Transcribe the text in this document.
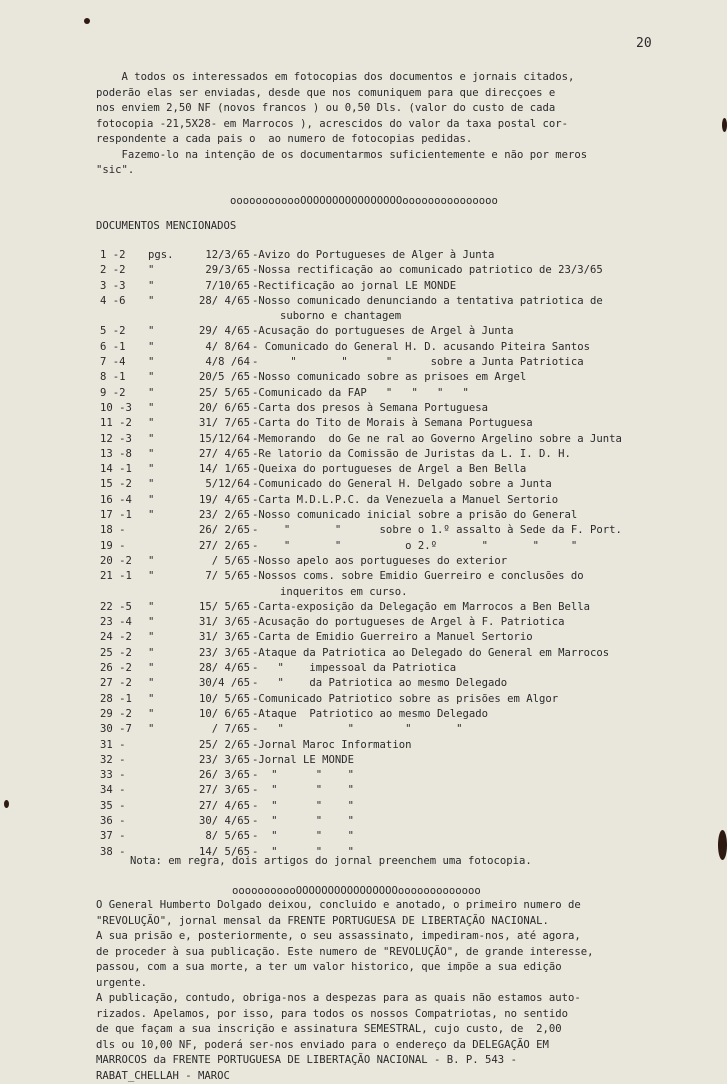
20
A todos os interessados em fotocopias dos documentos e jornais citados,
poderão elas ser enviadas, desde que nos comuniquem para que direcçoes e
nos enviem 2,50 NF (novos francos ) ou 0,50 Dls. (valor do custo de cada
fotocopia -21,5X28- em Marrocos ), acrescidos do valor da taxa postal cor-
respondente a cada pais o  ao numero de fotocopias pedidas.
Fazemo-lo na intenção de os documentarmos suficientemente e não por meros
"sic".
oooooooooooOOOOOOOOOOOOOOOOooooooooooooooo
DOCUMENTOS MENCIONADOS
1 -2	pgs.	12/3/65 -Avizo do Portugueses de Alger à Junta
2 -2	"	29/3/65 -Nossa rectificação ao comunicado patriotico de 23/3/65
3 -3	"	7/10/65 -Rectificação ao jornal LE MONDE
4 -6	"	28/ 4/65 -Nosso comunicado denunciando a tentativa patriotica de
suborno e chantagem
5 -2	"	29/ 4/65 -Acusação do portugueses de Argel à Junta
6 -1	"	4/ 8/64 - Comunicado do General H. D. acusando Piteira Santos
7 -4	"	4/8 /64 -     "       "      "      sobre a Junta Patriotica
8 -1	"	20/5 /65 -Nosso comunicado sobre as prisoes em Argel
9 -2	"	25/ 5/65 -Comunicado da FAP   "   "   "   "
10 -3	"	20/ 6/65 -Carta dos presos à Semana Portuguesa
11 -2	"	31/ 7/65 -Carta do Tito de Morais à Semana Portuguesa
12 -3	"	15/12/64 -Memorando  do Ge ne ral ao Governo Argelino sobre a Junta
13 -8	"	27/ 4/65 -Re latorio da Comissão de Juristas da L. I. D. H.
14 -1	"	14/ 1/65 -Queixa do portugueses de Argel a Ben Bella
15 -2	"	5/12/64 -Comunicado do General H. Delgado sobre a Junta
16 -4	"	19/ 4/65 -Carta M.D.L.P.C. da Venezuela a Manuel Sertorio
17 -1	"	23/ 2/65 -Nosso comunicado inicial sobre a prisão do General
18 -	26/ 2/65 -    "       "      sobre o 1.º assalto à Sede da F. Port.
19 -	27/ 2/65 -    "       "          o 2.º       "       "     "
20 -2	"	/ 5/65 -Nosso apelo aos portugueses do exterior
21 -1	"	7/ 5/65 -Nossos coms. sobre Emidio Guerreiro e conclusões do
inqueritos em curso.
22 -5	"	15/ 5/65 -Carta-exposição da Delegação em Marrocos a Ben Bella
23 -4	"	31/ 3/65 -Acusação do portugueses de Argel à F. Patriotica
24 -2	"	31/ 3/65 -Carta de Emidio Guerreiro a Manuel Sertorio
25 -2	"	23/ 3/65 -Ataque da Patriotica ao Delegado do General em Marrocos
26 -2	"	28/ 4/65 -   "    impessoal da Patriotica
27 -2	"	30/4 /65 -   "    da Patriotica ao mesmo Delegado
28 -1	"	10/ 5/65 -Comunicado Patriotico sobre as prisões em Algor
29 -2	"	10/ 6/65 -Ataque  Patriotico ao mesmo Delegado
30 -7	"	/ 7/65 -   "          "        "       "
31 -	25/ 2/65 -Jornal Maroc Information
32 -	23/ 3/65 -Jornal LE MONDE
33 -	26/ 3/65 -  "      "    "
34 -	27/ 3/65 -  "      "    "
35 -	27/ 4/65 -  "      "    "
36 -	30/ 4/65 -  "      "    "
37 -	8/ 5/65 -  "      "    "
38 -	14/ 5/65 -  "      "    "
Nota: em regra, dois artigos do jornal preenchem uma fotocopia.
ooooooooooOOOOOOOOOOOOOOOOooooooooooooo
O General Humberto Dolgado deixou, concluido e anotado, o primeiro numero de
"REVOLUÇÃO", jornal mensal da FRENTE PORTUGUESA DE LIBERTAÇÃO NACIONAL.
A sua prisão e, posteriormente, o seu assassinato, impediram-nos, até agora,
de proceder à sua publicação. Este numero de "REVOLUÇÃO", de grande interesse,
passou, com a sua morte, a ter um valor historico, que impõe a sua edição
urgente.
A publicação, contudo, obriga-nos a despezas para as quais não estamos auto-
rizados. Apelamos, por isso, para todos os nossos Compatriotas, no sentido
de que façam a sua inscrição e assinatura SEMESTRAL, cujo custo, de  2,00
dls ou 10,00 NF, poderá ser-nos enviado para o endereço da DELEGAÇÃO EM
MARROCOS da FRENTE PORTUGUESA DE LIBERTAÇÃO NACIONAL - B. P. 543 -
RABAT_CHELLAH - MAROC
